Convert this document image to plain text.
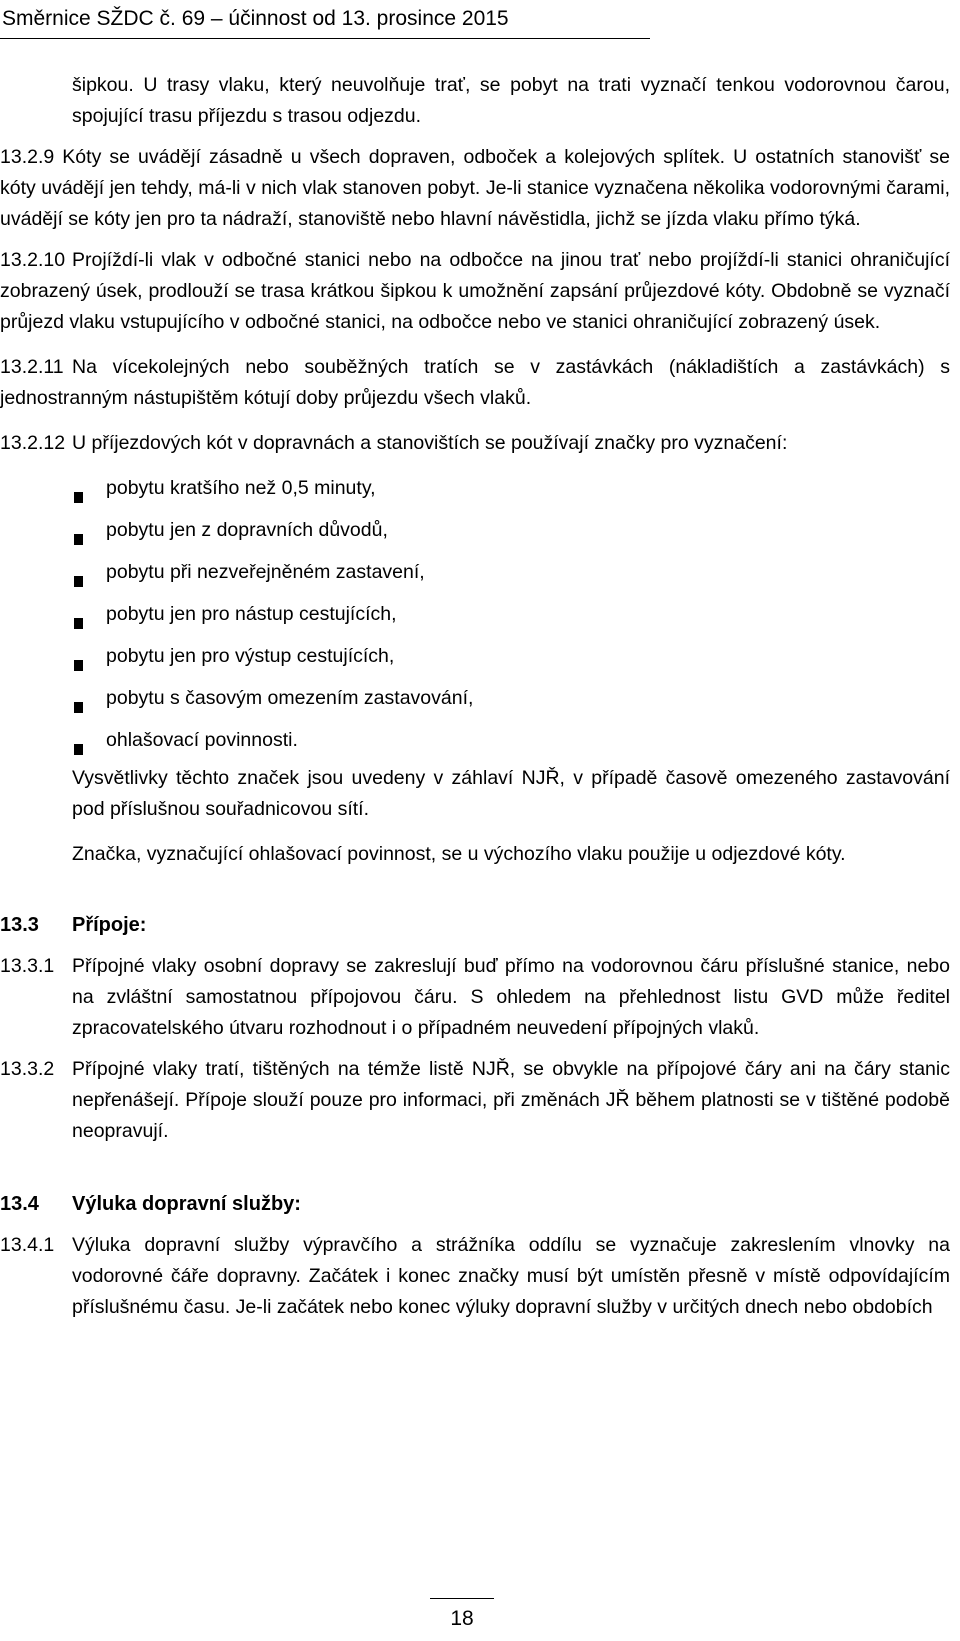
Směrnice SŽDC č. 69 – účinnost od 13. prosince 2015

šipkou. U trasy vlaku, který neuvolňuje trať, se pobyt na trati vyznačí tenkou vodorovnou čarou, spojující trasu příjezdu s trasou odjezdu.

13.2.9 Kóty se uvádějí zásadně u všech dopraven, odboček a kolejových splítek. U ostatních stanovišť se kóty uvádějí jen tehdy, má-li v nich vlak stanoven pobyt. Je-li stanice vyznačena několika vodorovnými čarami, uvádějí se kóty jen pro ta nádraží, stanoviště nebo hlavní návěstidla, jichž se jízda vlaku přímo týká.

13.2.10 Projíždí-li vlak v odbočné stanici nebo na odbočce na jinou trať nebo projíždí-li stanici ohraničující zobrazený úsek, prodlouží se trasa krátkou šipkou k umožnění zapsání průjezdové kóty. Obdobně se vyznačí průjezd vlaku vstupujícího v odbočné stanici, na odbočce nebo ve stanici ohraničující zobrazený úsek.

13.2.11 Na vícekolejných nebo souběžných tratích se v zastávkách (nákladištích a zastávkách) s jednostranným nástupištěm kótují doby průjezdu všech vlaků.

13.2.12 U příjezdových kót v dopravnách a stanovištích se používají značky pro vyznačení:

pobytu kratšího než 0,5 minuty,
pobytu jen z dopravních důvodů,
pobytu při nezveřejněném zastavení,
pobytu jen pro nástup cestujících,
pobytu jen pro výstup cestujících,
pobytu s časovým omezením zastavování,
ohlašovací povinnosti.

Vysvětlivky těchto značek jsou uvedeny v záhlaví NJŘ, v případě časově omezeného zastavování pod příslušnou souřadnicovou sítí.

Značka, vyznačující ohlašovací povinnost, se u výchozího vlaku použije u odjezdové kóty.

13.3 Přípoje:

13.3.1 Přípojné vlaky osobní dopravy se zakreslují buď přímo na vodorovnou čáru příslušné stanice, nebo na zvláštní samostatnou přípojovou čáru. S ohledem na přehlednost listu GVD může ředitel zpracovatelského útvaru rozhodnout i o případném neuvedení přípojných vlaků.

13.3.2 Přípojné vlaky tratí, tištěných na témže listě NJŘ, se obvykle na přípojové čáry ani na čáry stanic nepřenášejí. Přípoje slouží pouze pro informaci, při změnách JŘ během platnosti se v tištěné podobě neopravují.

13.4 Výluka dopravní služby:

13.4.1 Výluka dopravní služby výpravčího a strážníka oddílu se vyznačuje zakreslením vlnovky na vodorovné čáře dopravny. Začátek i konec značky musí být umístěn přesně v místě odpovídajícím příslušnému času. Je-li začátek nebo konec výluky dopravní služby v určitých dnech nebo obdobích

18
